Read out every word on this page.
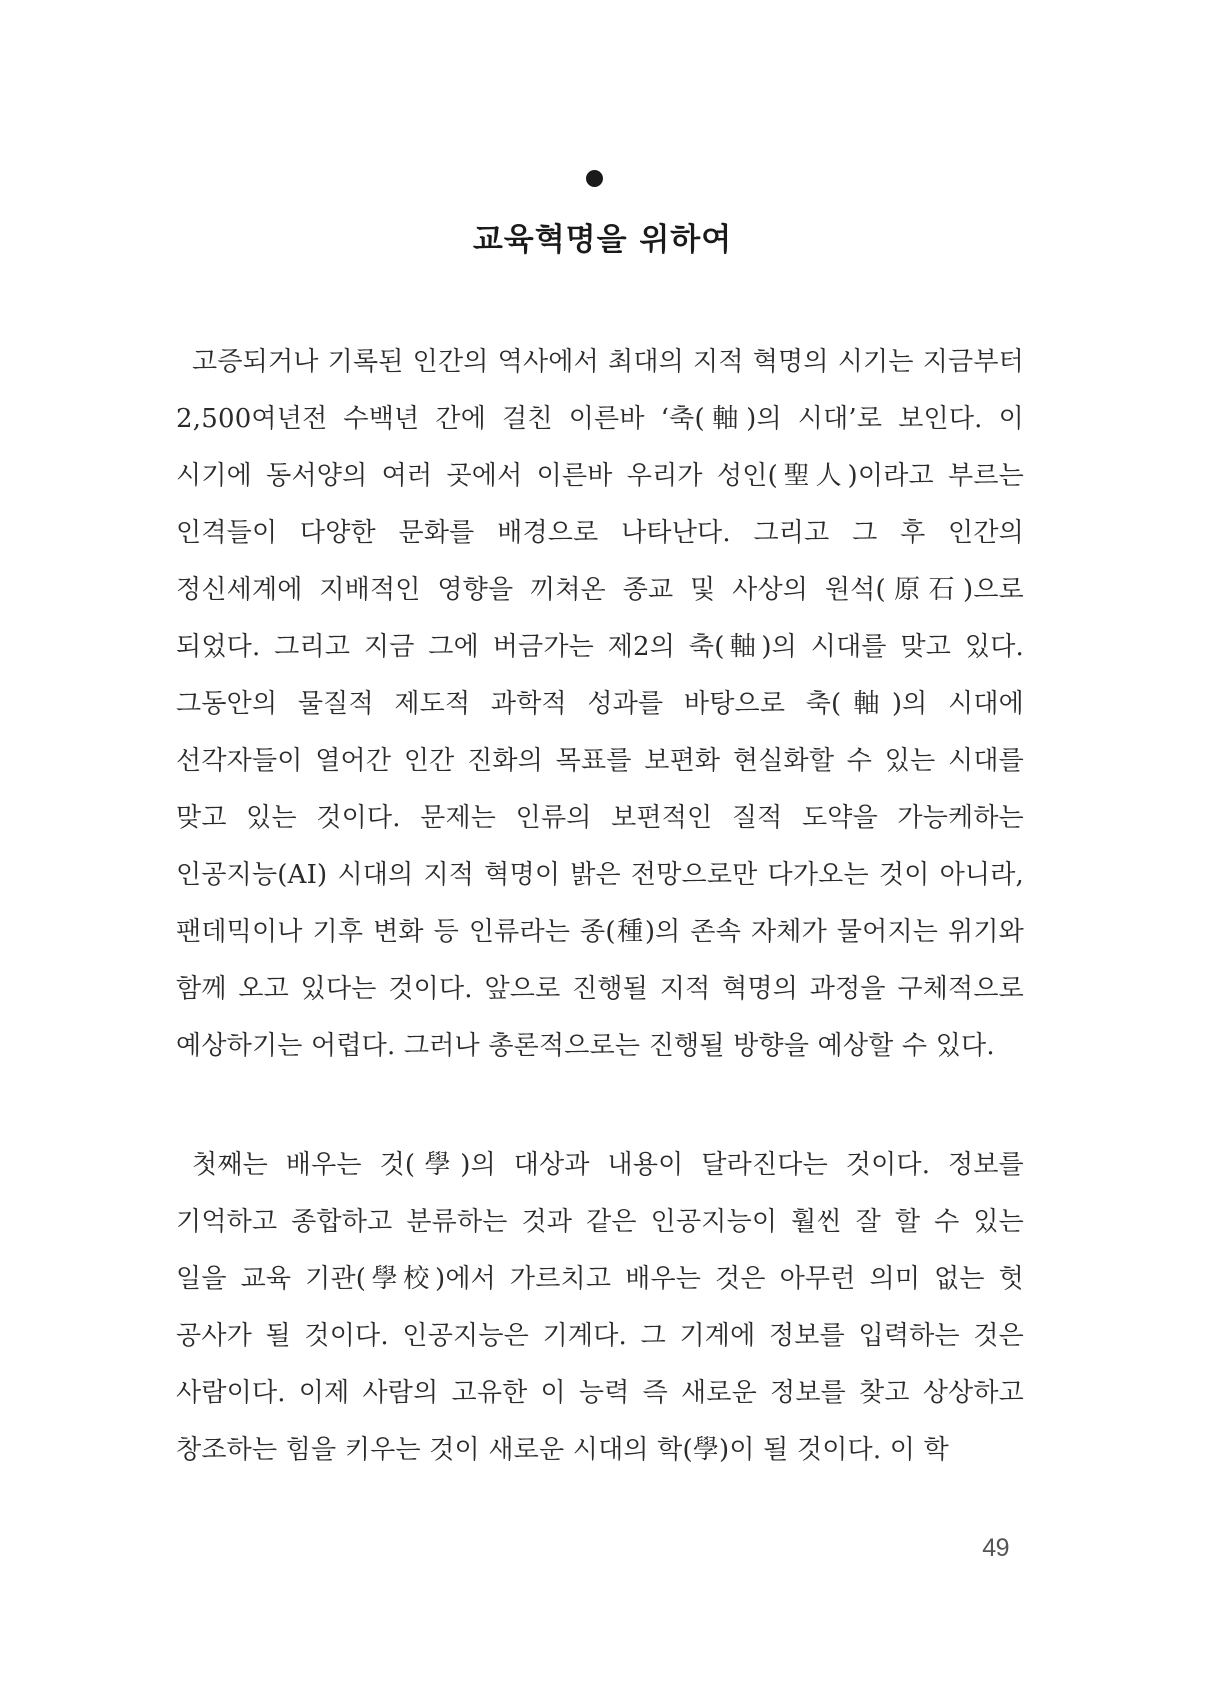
교육혁명을 위하여

고증되거나 기록된 인간의 역사에서 최대의 지적 혁명의 시기는 지금부터 2,500여년전 수백년 간에 걸친 이른바 ‘축(軸)의 시대’로 보인다. 이 시기에 동서양의 여러 곳에서 이른바 우리가 성인(聖人)이라고 부르는 인격들이 다양한 문화를 배경으로 나타난다. 그리고 그 후 인간의 정신세계에 지배적인 영향을 끼쳐온 종교 및 사상의 원석(原石)으로 되었다. 그리고 지금 그에 버금가는 제2의 축(軸)의 시대를 맞고 있다. 그동안의 물질적 제도적 과학적 성과를 바탕으로 축(軸)의 시대에 선각자들이 열어간 인간 진화의 목표를 보편화 현실화할 수 있는 시대를 맞고 있는 것이다. 문제는 인류의 보편적인 질적 도약을 가능케하는 인공지능(AI) 시대의 지적 혁명이 밝은 전망으로만 다가오는 것이 아니라, 팬데믹이나 기후 변화 등 인류라는 종(種)의 존속 자체가 물어지는 위기와 함께 오고 있다는 것이다. 앞으로 진행될 지적 혁명의 과정을 구체적으로 예상하기는 어렵다. 그러나 총론적으로는 진행될 방향을 예상할 수 있다.

첫째는 배우는 것(學)의 대상과 내용이 달라진다는 것이다. 정보를 기억하고 종합하고 분류하는 것과 같은 인공지능이 훨씬 잘 할 수 있는 일을 교육 기관(學校)에서 가르치고 배우는 것은 아무런 의미 없는 헛 공사가 될 것이다. 인공지능은 기계다. 그 기계에 정보를 입력하는 것은 사람이다. 이제 사람의 고유한 이 능력 즉 새로운 정보를 찾고 상상하고 창조하는 힘을 키우는 것이 새로운 시대의 학(學)이 될 것이다. 이 학

49
